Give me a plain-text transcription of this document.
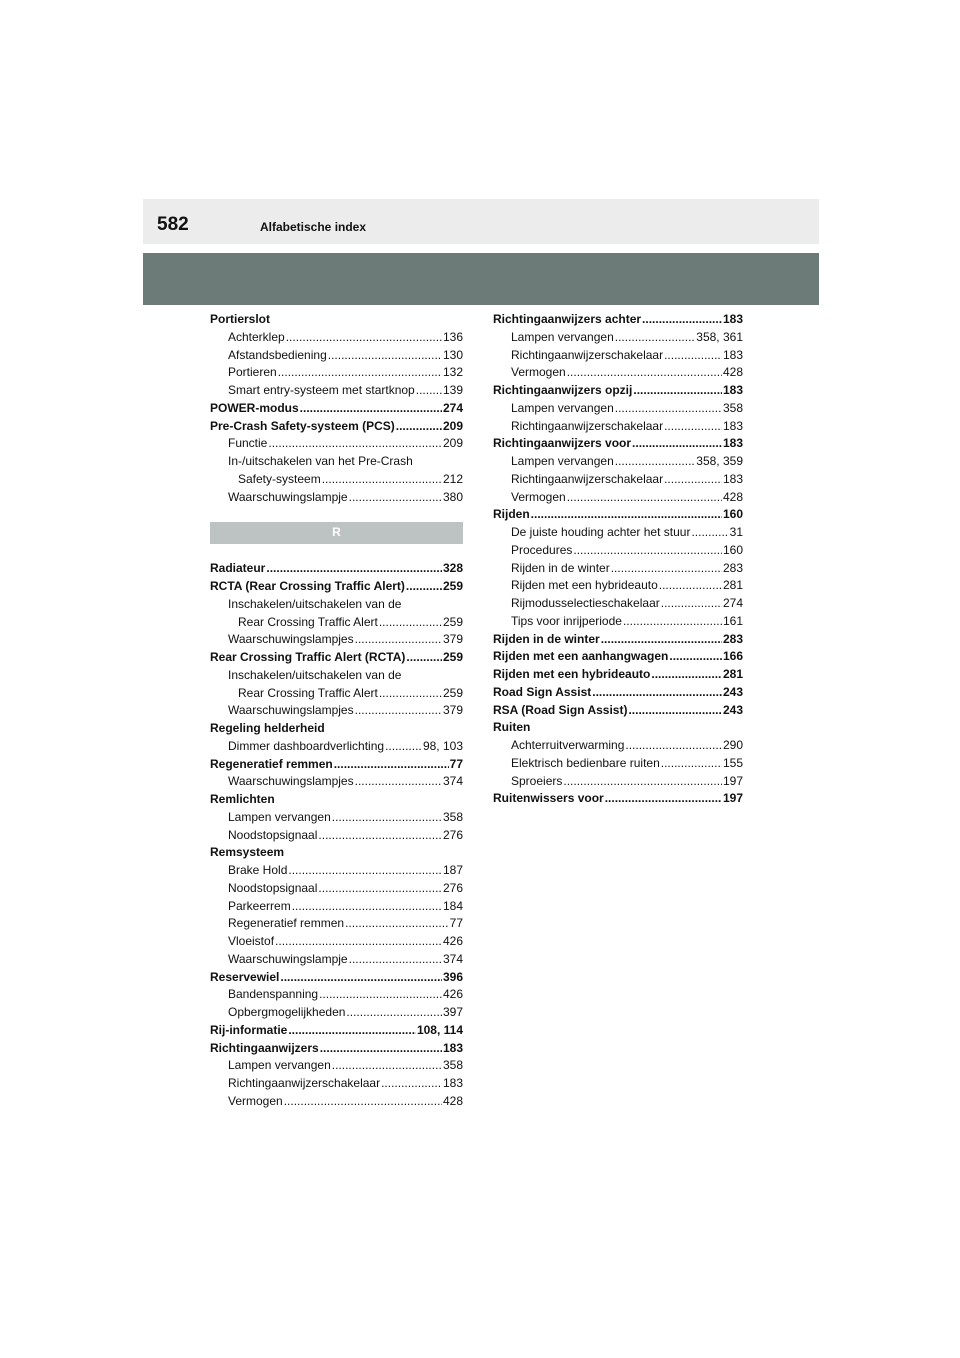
582	Alfabetische index
Portierslot
Achterklep .....	136
Afstandsbediening .....	130
Portieren .....	132
Smart entry-systeem met startknop ..... 139
POWER-modus .....	274
Pre-Crash Safety-systeem (PCS) .....	209
Functie .....	209
In-/uitschakelen van het Pre-Crash
Safety-systeem .....	212
Waarschuwingslampje .....	380
R
Radiateur .....	328
RCTA (Rear Crossing Traffic Alert) .....	259
Inschakelen/uitschakelen van de
Rear Crossing Traffic Alert .....	259
Waarschuwingslampjes .....	379
Rear Crossing Traffic Alert (RCTA) .....	259
Inschakelen/uitschakelen van de
Rear Crossing Traffic Alert .....	259
Waarschuwingslampjes .....	379
Regeling helderheid
Dimmer dashboardverlichting .....	98, 103
Regeneratief remmen .....	77
Waarschuwingslampjes .....	374
Remlichten
Lampen vervangen .....	358
Noodstopsignaal .....	276
Remsysteem
Brake Hold .....	187
Noodstopsignaal .....	276
Parkeerrem .....	184
Regeneratief remmen .....	77
Vloeistof .....	426
Waarschuwingslampje .....	374
Reservewiel .....	396
Bandenspanning .....	426
Opbergmogelijkheden .....	397
Rij-informatie .....	108, 114
Richtingaanwijzers .....	183
Lampen vervangen .....	358
Richtingaanwijzerschakelaar .....	183
Vermogen .....	428
Richtingaanwijzers achter .....	183
Lampen vervangen .....	358, 361
Richtingaanwijzerschakelaar .....	183
Vermogen .....	428
Richtingaanwijzers opzij .....	183
Lampen vervangen .....	358
Richtingaanwijzerschakelaar .....	183
Richtingaanwijzers voor .....	183
Lampen vervangen .....	358, 359
Richtingaanwijzerschakelaar .....	183
Vermogen .....	428
Rijden .....	160
De juiste houding achter het stuur .....	31
Procedures .....	160
Rijden in de winter .....	283
Rijden met een hybrideauto .....	281
Rijmodusselectieschakelaar .....	274
Tips voor inrijperiode .....	161
Rijden in de winter .....	283
Rijden met een aanhangwagen .....	166
Rijden met een hybrideauto .....	281
Road Sign Assist .....	243
RSA (Road Sign Assist) .....	243
Ruiten
Achterruitverwarming .....	290
Elektrisch bedienbare ruiten .....	155
Sproeiers .....	197
Ruitenwissers voor .....	197
